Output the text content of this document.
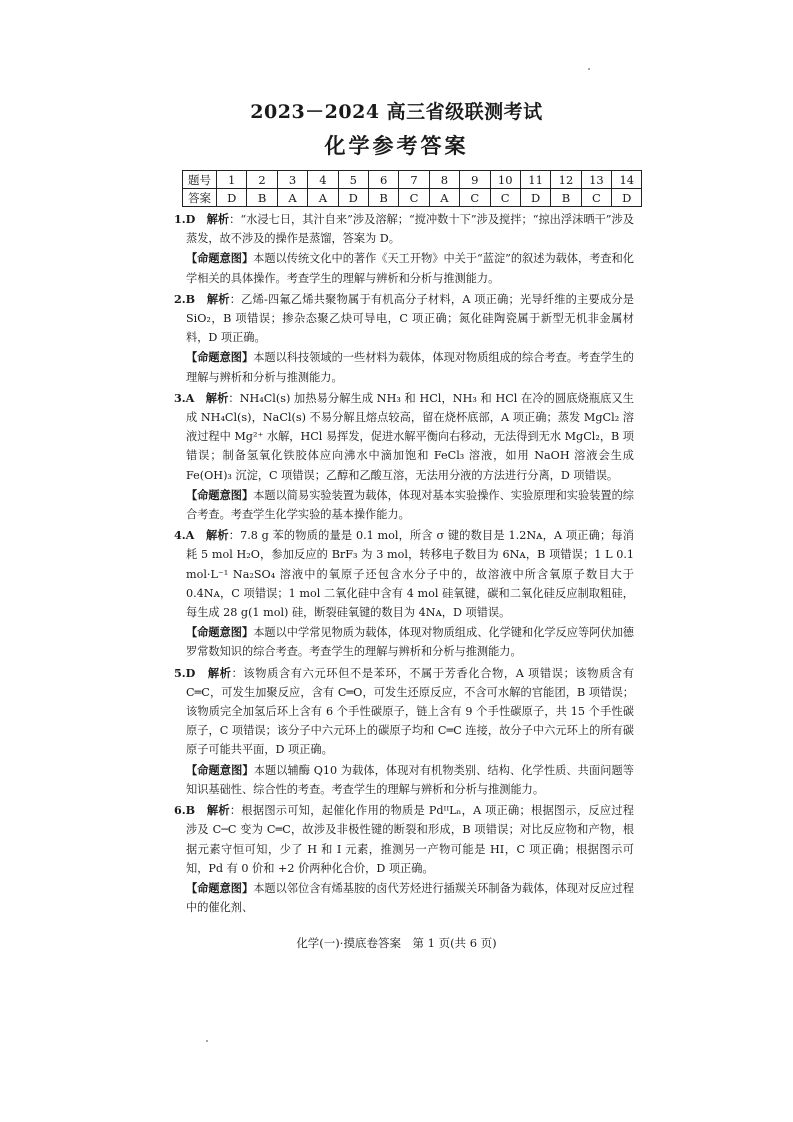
2023－2024 高三省级联测考试
化学参考答案
题号	1	2	3	4	5	6	7	8	9	10	11	12	13	14
答案	D	B	A	A	D	B	C	A	C	C	D	B	C	D

1.D　 解析：“水浸七日，其汁自来”涉及溶解；“搅冲数十下”涉及搅拌；“掠出浮沫晒干”涉及蒸发，故不涉及的操作是蒸馏，答案为 D。

【命题意图】本题以传统文化中的著作《天工开物》中关于“蓝淀”的叙述为载体，考查和化学相关的具体操作。考查学生的理解与辨析和分析与推测能力。

2.B　 解析：乙烯-四氟乙烯共聚物属于有机高分子材料，A 项正确；光导纤维的主要成分是 SiO₂，B 项错误；掺杂态聚乙炔可导电，C 项正确；氮化硅陶瓷属于新型无机非金属材料，D 项正确。

【命题意图】本题以科技领域的一些材料为载体，体现对物质组成的综合考查。考查学生的理解与辨析和分析与推测能力。

3.A　 解析：NH₄Cl(s) 加热易分解生成 NH₃ 和 HCl，NH₃ 和 HCl 在冷的圆底烧瓶底又生成 NH₄Cl(s)，NaCl(s) 不易分解且熔点较高，留在烧杯底部，A 项正确；蒸发 MgCl₂ 溶液过程中 Mg²⁺ 水解，HCl 易挥发，促进水解平衡向右移动，无法得到无水 MgCl₂，B 项错误；制备氢氧化铁胶体应向沸水中滴加饱和 FeCl₃ 溶液，如用 NaOH 溶液会生成 Fe(OH)₃ 沉淀，C 项错误；乙醇和乙酸互溶，无法用分液的方法进行分离，D 项错误。

【命题意图】本题以简易实验装置为载体，体现对基本实验操作、实验原理和实验装置的综合考查。考查学生化学实验的基本操作能力。

4.A　 解析：7.8 g 苯的物质的量是 0.1 mol，所含 σ 键的数目是 1.2Nᴀ，A 项正确；每消耗 5 mol H₂O，参加反应的 BrF₃ 为 3 mol，转移电子数目为 6Nᴀ，B 项错误；1 L 0.1 mol·L⁻¹ Na₂SO₄ 溶液中的氧原子还包含水分子中的，故溶液中所含氧原子数目大于 0.4Nᴀ，C 项错误；1 mol 二氧化硅中含有 4 mol 硅氧键，碳和二氧化硅反应制取粗硅，每生成 28 g(1 mol) 硅，断裂硅氧键的数目为 4Nᴀ，D 项错误。

【命题意图】本题以中学常见物质为载体，体现对物质组成、化学键和化学反应等阿伏加德罗常数知识的综合考查。考查学生的理解与辨析和分析与推测能力。

5.D　 解析：该物质含有六元环但不是苯环，不属于芳香化合物，A 项错误；该物质含有 C═C，可发生加聚反应，含有 C═O，可发生还原反应，不含可水解的官能团，B 项错误；该物质完全加氢后环上含有 6 个手性碳原子，链上含有 9 个手性碳原子，共 15 个手性碳原子，C 项错误；该分子中六元环上的碳原子均和 C═C 连接，故分子中六元环上的所有碳原子可能共平面，D 项正确。

【命题意图】本题以辅酶 Q10 为载体，体现对有机物类别、结构、化学性质、共面问题等知识基础性、综合性的考查。考查学生的理解与辨析和分析与推测能力。

6.B　 解析：根据图示可知，起催化作用的物质是 PdᴵᴵLₙ，A 项正确；根据图示，反应过程涉及 C─C 变为 C═C，故涉及非极性键的断裂和形成，B 项错误；对比反应物和产物，根据元素守恒可知，少了 H 和 I 元素，推测另一产物可能是 HI，C 项正确；根据图示可知，Pd 有 0 价和 +2 价两种化合价，D 项正确。

【命题意图】本题以邻位含有烯基胺的卤代芳烃进行插羰关环制备为载体，体现对反应过程中的催化剂、

化学(一)·摸底卷答案　第 1 页(共 6 页)
